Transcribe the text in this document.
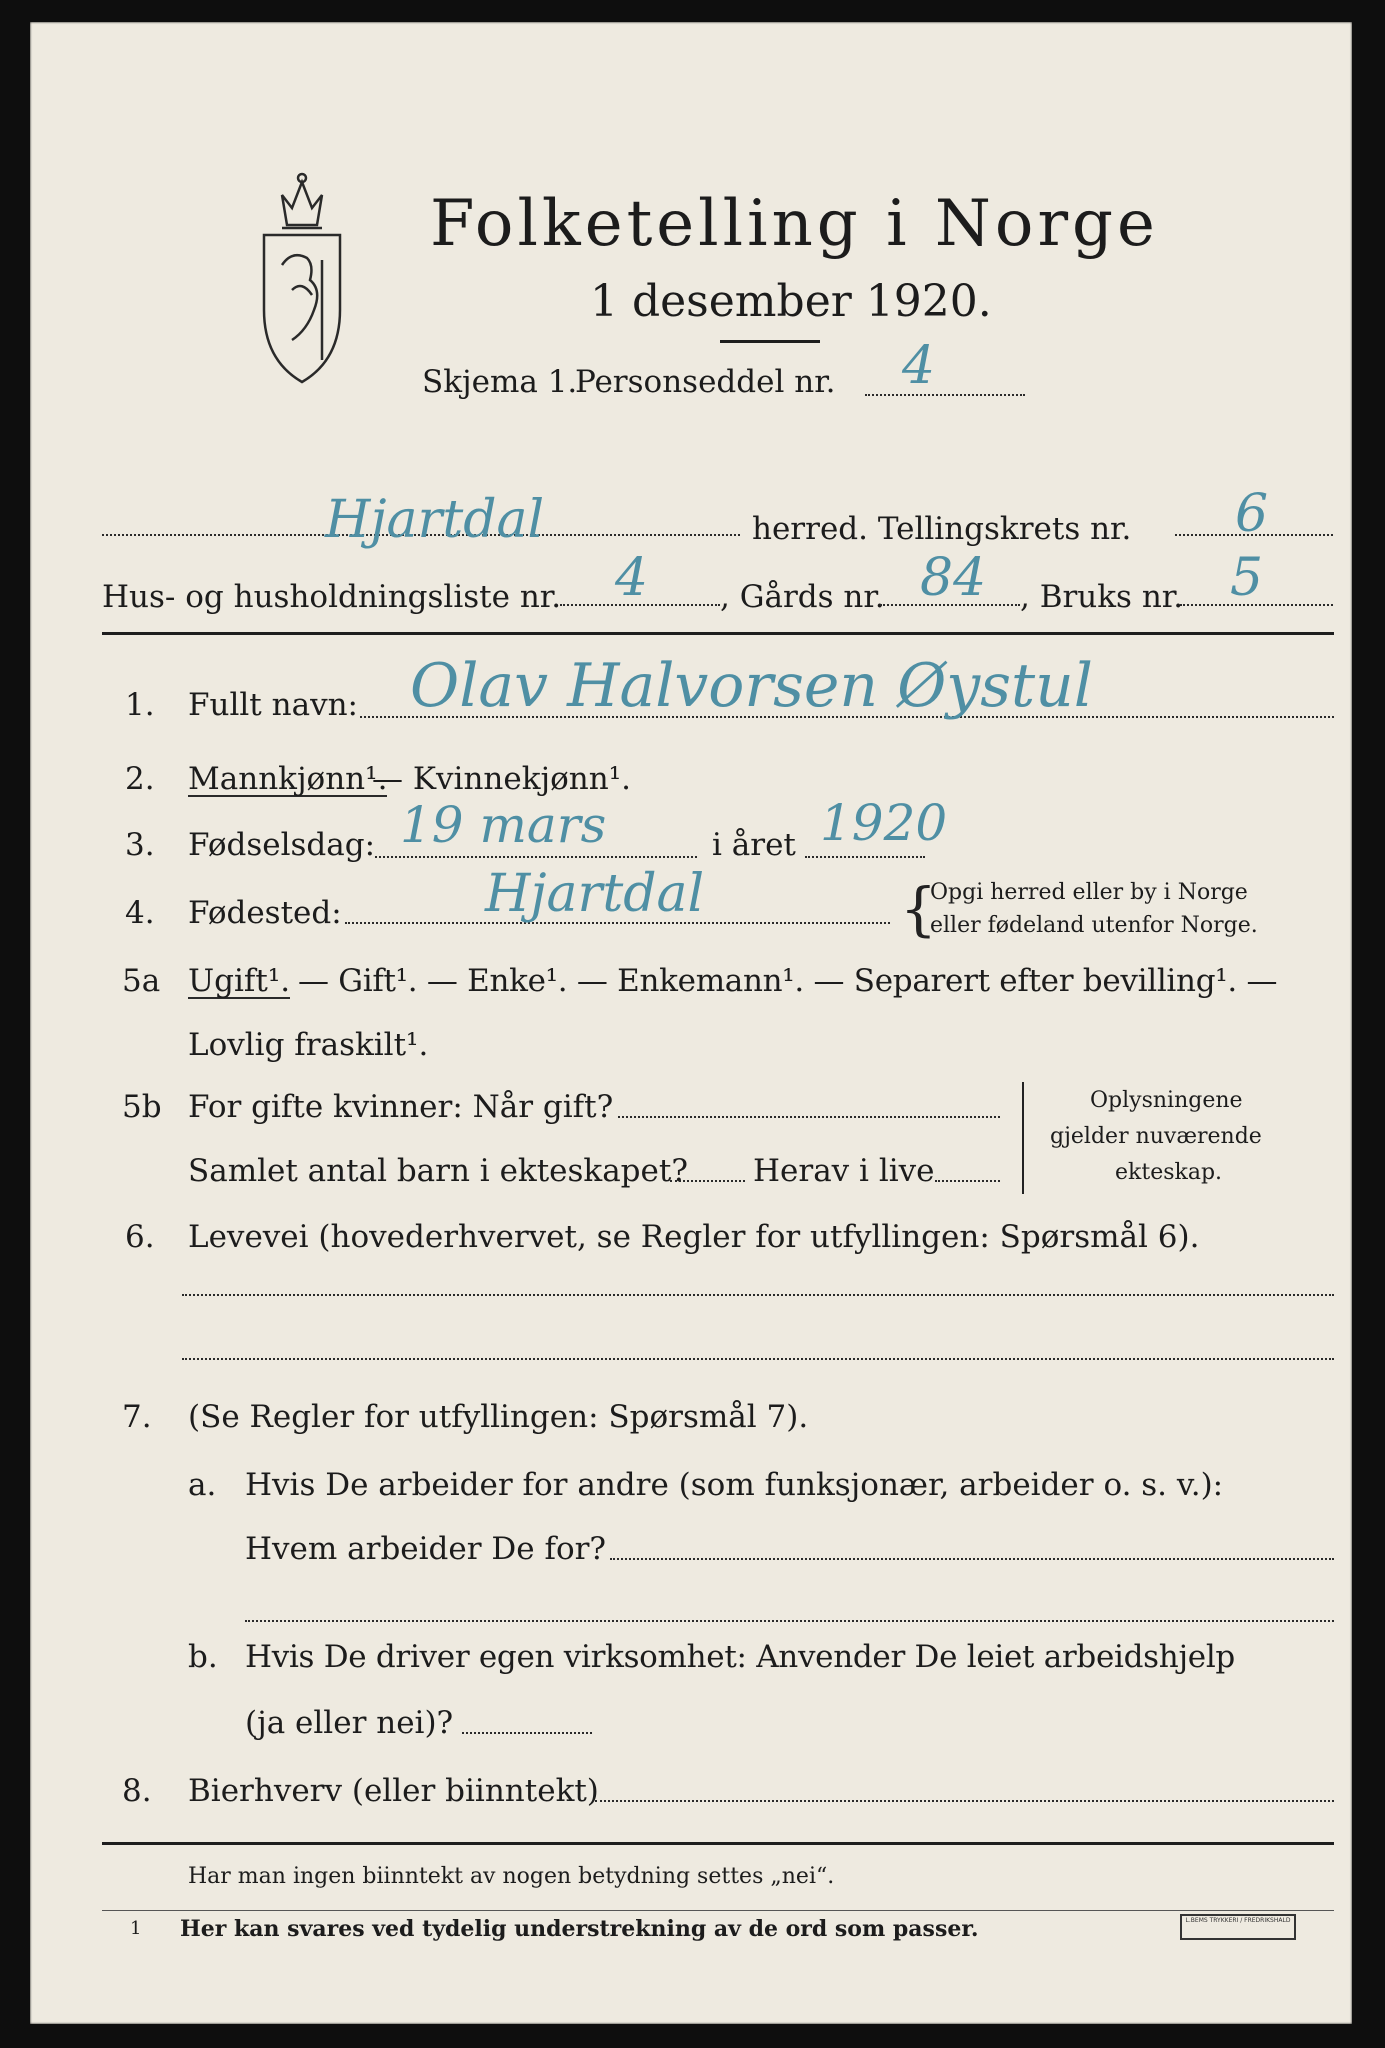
Folketelling i Norge
1 desember 1920.
Skjema 1.
Personseddel nr. 4
Hjartdal	herred. Tellingskrets nr. 6
Hus- og husholdningsliste nr. 4 , Gårds nr. 84 , Bruks nr. 5
1. Fullt navn: Olav Halvorsen Øystul
2. Mannkjønn¹.
— Kvinnekjønn¹.
3. Fødselsdag: 19 mars	i året 1920
4. Fødested:	Hjartdal	{
Opgi herred eller by i Norge
eller fødeland utenfor Norge.
5a Ugift¹. — Gift¹. — Enke¹. — Enkemann¹. — Separert efter bevilling¹. —
Lovlig fraskilt¹.
5b For gifte kvinner: Når gift?
Samlet antal barn i ekteskapet? Herav i live
Oplysningene
gjelder nuværende
ekteskap.
6. Levevei (hovederhvervet, se Regler for utfyllingen: Spørsmål 6).
7. (Se Regler for utfyllingen: Spørsmål 7).
a. Hvis De arbeider for andre (som funksjonær, arbeider o. s. v.):
Hvem arbeider De for?
b. Hvis De driver egen virksomhet: Anvender De leiet arbeidshjelp
(ja eller nei)?
8. Bierhverv (eller biinntekt)
Har man ingen biinntekt av nogen betydning settes „nei“.
1 Her kan svares ved tydelig understrekning av de ord som passer.	L.BEMS TRYKKERI / FREDRIKSHALD
